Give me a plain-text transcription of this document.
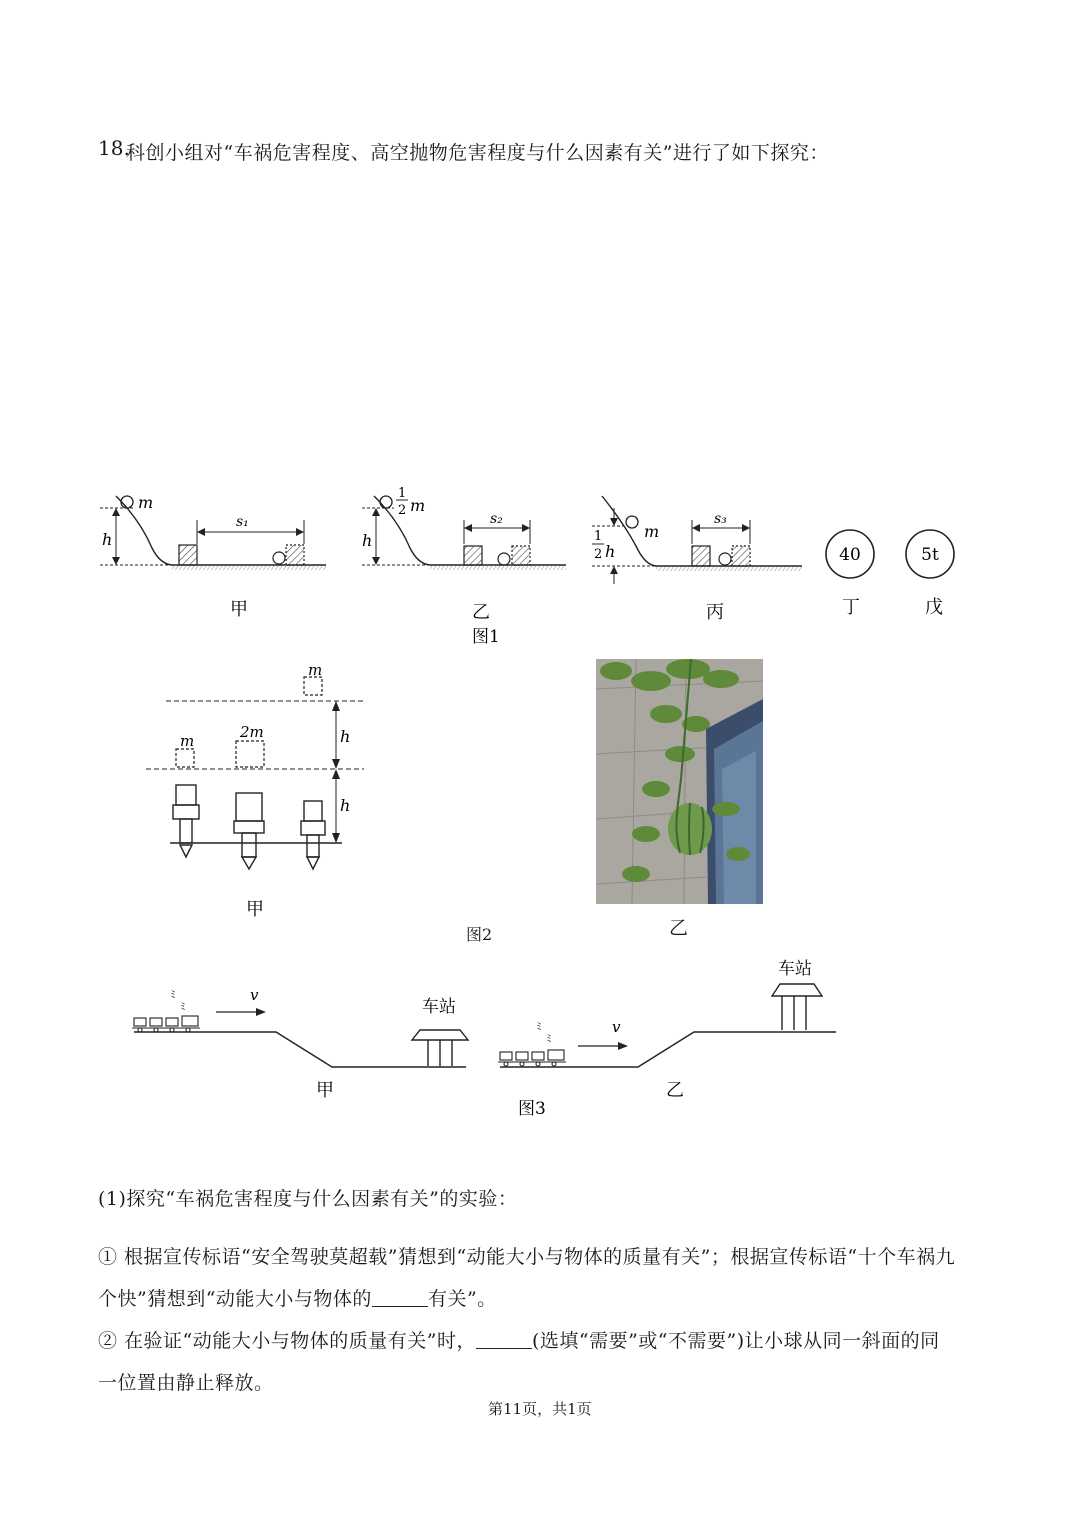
18.
科创小组对“车祸危害程度、高空抛物危害程度与什么因素有关”进行了如下探究：
h
m
s₁
甲
h
1
2 m
s₂
乙
m
1
2 h
s₃
丙
40
丁
5t
戊
图1
m
h
h
m	2m
甲
乙
图2
ﾐ
ﾐ
v
车站
甲
ﾐ
ﾐ
v
车站
乙
图3
(1)探究“车祸危害程度与什么因素有关”的实验：
① 根据宣传标语“安全驾驶莫超载”猜想到“动能大小与物体的质量有关”；根据宣传标语“十个车祸九
个快”猜想到“动能大小与物体的	有关”。
② 在验证“动能大小与物体的质量有关”时，	(选填“需要”或“不需要”)让小球从同一斜面的同
一位置由静止释放。
第11页，共1页
